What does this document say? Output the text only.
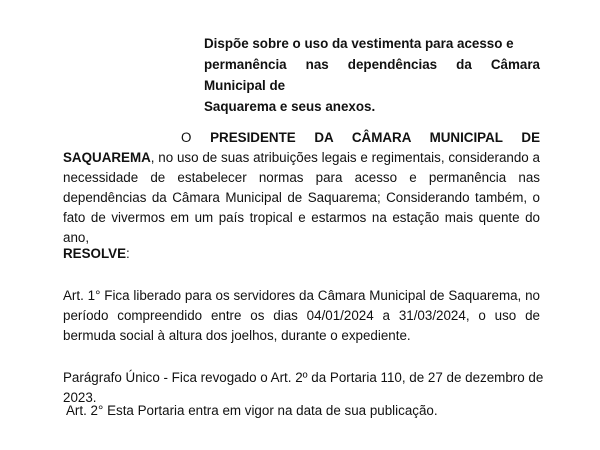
Dispõe sobre o uso da vestimenta para acesso e
permanência nas dependências da Câmara Municipal de
Saquarema e seus anexos.
O PRESIDENTE DA CÂMARA MUNICIPAL DE SAQUAREMA, no uso de suas atribuições legais e regimentais, considerando a necessidade de estabelecer normas para acesso e permanência nas dependências da Câmara Municipal de Saquarema; Considerando também, o fato de vivermos em um país tropical e estarmos na estação mais quente do ano,
RESOLVE:
Art. 1° Fica liberado para os servidores da Câmara Municipal de Saquarema, no período compreendido entre os dias 04/01/2024 a 31/03/2024, o uso de bermuda social à altura dos joelhos, durante o expediente.
Parágrafo Único - Fica revogado o Art. 2º da Portaria 110, de 27 de dezembro de 2023.
Art. 2° Esta Portaria entra em vigor na data de sua publicação.
